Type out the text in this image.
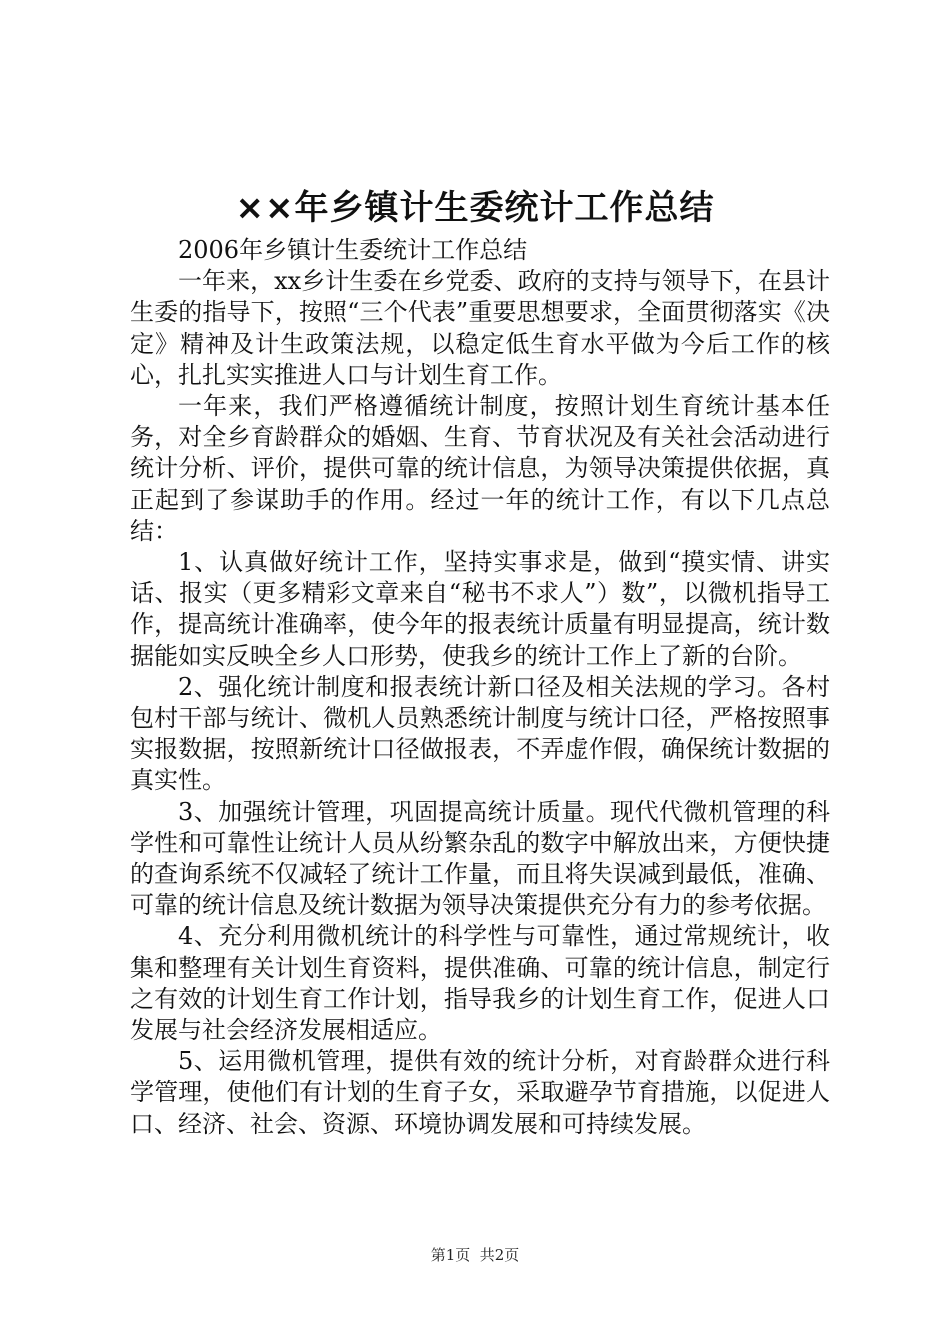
××年乡镇计生委统计工作总结

2006年乡镇计生委统计工作总结

一年来，xx乡计生委在乡党委、政府的支持与领导下，在县计生委的指导下，按照“三个代表”重要思想要求，全面贯彻落实《决定》精神及计生政策法规，以稳定低生育水平做为今后工作的核心，扎扎实实推进人口与计划生育工作。

一年来，我们严格遵循统计制度，按照计划生育统计基本任务，对全乡育龄群众的婚姻、生育、节育状况及有关社会活动进行统计分析、评价，提供可靠的统计信息，为领导决策提供依据，真正起到了参谋助手的作用。经过一年的统计工作，有以下几点总结：

1、认真做好统计工作，坚持实事求是，做到“摸实情、讲实话、报实（更多精彩文章来自“秘书不求人”）数”，以微机指导工作，提高统计准确率，使今年的报表统计质量有明显提高，统计数据能如实反映全乡人口形势，使我乡的统计工作上了新的台阶。

2、强化统计制度和报表统计新口径及相关法规的学习。各村包村干部与统计、微机人员熟悉统计制度与统计口径，严格按照事实报数据，按照新统计口径做报表，不弄虚作假，确保统计数据的真实性。

3、加强统计管理，巩固提高统计质量。现代代微机管理的科学性和可靠性让统计人员从纷繁杂乱的数字中解放出来，方便快捷的查询系统不仅减轻了统计工作量，而且将失误减到最低，准确、可靠的统计信息及统计数据为领导决策提供充分有力的参考依据。

4、充分利用微机统计的科学性与可靠性，通过常规统计，收集和整理有关计划生育资料，提供准确、可靠的统计信息，制定行之有效的计划生育工作计划，指导我乡的计划生育工作，促进人口发展与社会经济发展相适应。

5、运用微机管理，提供有效的统计分析，对育龄群众进行科学管理，使他们有计划的生育子女，采取避孕节育措施，以促进人口、经济、社会、资源、环境协调发展和可持续发展。

第1页  共2页
